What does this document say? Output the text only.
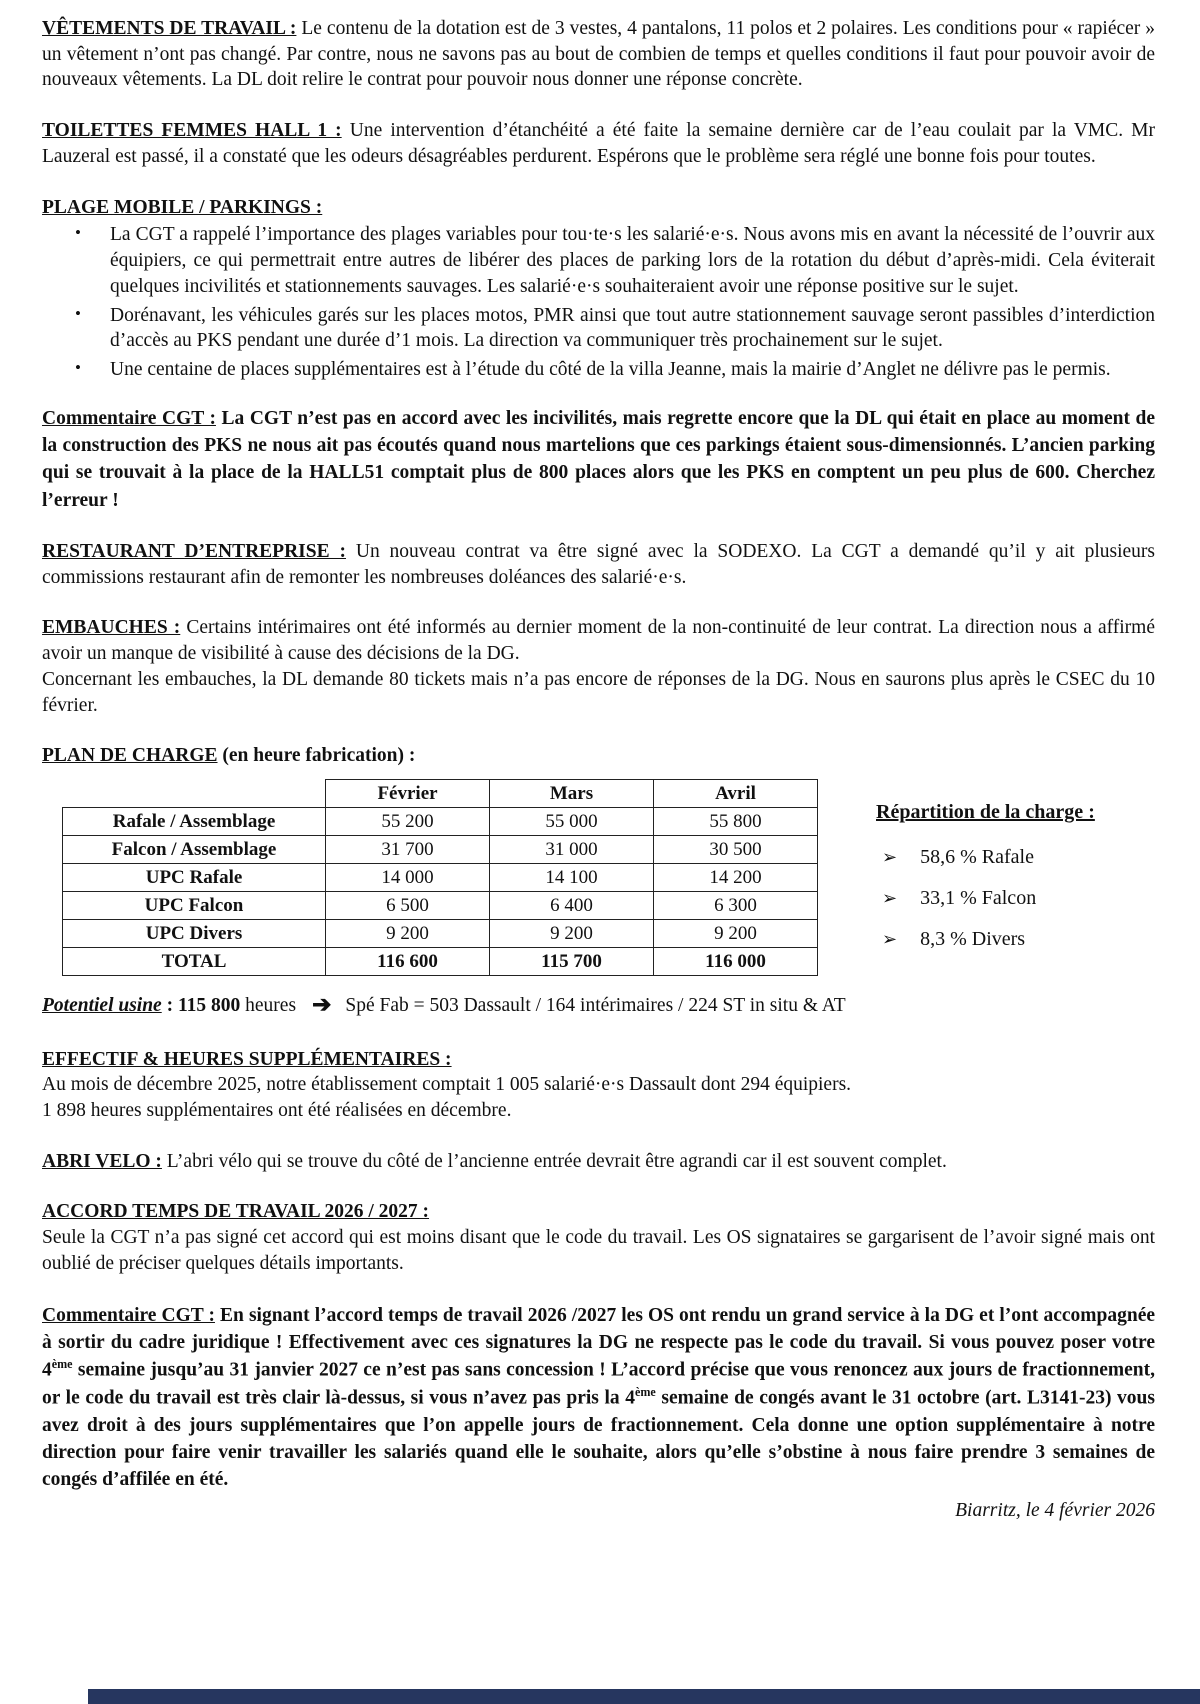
VÊTEMENTS DE TRAVAIL : Le contenu de la dotation est de 3 vestes, 4 pantalons, 11 polos et 2 polaires. Les conditions pour « rapiécer » un vêtement n’ont pas changé. Par contre, nous ne savons pas au bout de combien de temps et quelles conditions il faut pour pouvoir avoir de nouveaux vêtements. La DL doit relire le contrat pour pouvoir nous donner une réponse concrète.

TOILETTES FEMMES HALL 1 : Une intervention d’étanchéité a été faite la semaine dernière car de l’eau coulait par la VMC. Mr Lauzeral est passé, il a constaté que les odeurs désagréables perdurent. Espérons que le problème sera réglé une bonne fois pour toutes.

PLAGE MOBILE / PARKINGS :

• La CGT a rappelé l’importance des plages variables pour tou·te·s les salarié·e·s. Nous avons mis en avant la nécessité de l’ouvrir aux équipiers, ce qui permettrait entre autres de libérer des places de parking lors de la rotation du début d’après-midi. Cela éviterait quelques incivilités et stationnements sauvages. Les salarié·e·s souhaiteraient avoir une réponse positive sur le sujet.
• Dorénavant, les véhicules garés sur les places motos, PMR ainsi que tout autre stationnement sauvage seront passibles d’interdiction d’accès au PKS pendant une durée d’1 mois. La direction va communiquer très prochainement sur le sujet.
• Une centaine de places supplémentaires est à l’étude du côté de la villa Jeanne, mais la mairie d’Anglet ne délivre pas le permis.

Commentaire CGT : La CGT n’est pas en accord avec les incivilités, mais regrette encore que la DL qui était en place au moment de la construction des PKS ne nous ait pas écoutés quand nous martelions que ces parkings étaient sous-dimensionnés. L’ancien parking qui se trouvait à la place de la HALL51 comptait plus de 800 places alors que les PKS en comptent un peu plus de 600. Cherchez l’erreur !

RESTAURANT D’ENTREPRISE : Un nouveau contrat va être signé avec la SODEXO. La CGT a demandé qu’il y ait plusieurs commissions restaurant afin de remonter les nombreuses doléances des salarié·e·s.

EMBAUCHES : Certains intérimaires ont été informés au dernier moment de la non-continuité de leur contrat. La direction nous a affirmé avoir un manque de visibilité à cause des décisions de la DG.

Concernant les embauches, la DL demande 80 tickets mais n’a pas encore de réponses de la DG. Nous en saurons plus après le CSEC du 10 février.

PLAN DE CHARGE (en heure fabrication) :

	Février	Mars	Avril
Rafale / Assemblage	55 200	55 000	55 800
Falcon / Assemblage	31 700	31 000	30 500
UPC Rafale	14 000	14 100	14 200
UPC Falcon	6 500	6 400	6 300
UPC Divers	9 200	9 200	9 200
TOTAL	116 600	115 700	116 000
Répartition de la charge :
➢ 58,6 % Rafale
➢ 33,1 % Falcon
➢ 8,3 % Divers

Potentiel usine : 115 800 heures ➔ Spé Fab = 503 Dassault / 164 intérimaires / 224 ST in situ & AT

EFFECTIF & HEURES SUPPLÉMENTAIRES :

Au mois de décembre 2025, notre établissement comptait 1 005 salarié·e·s Dassault dont 294 équipiers.

1 898 heures supplémentaires ont été réalisées en décembre.

ABRI VELO : L’abri vélo qui se trouve du côté de l’ancienne entrée devrait être agrandi car il est souvent complet.

ACCORD TEMPS DE TRAVAIL 2026 / 2027 :

Seule la CGT n’a pas signé cet accord qui est moins disant que le code du travail. Les OS signataires se gargarisent de l’avoir signé mais ont oublié de préciser quelques détails importants.

Commentaire CGT : En signant l’accord temps de travail 2026 /2027 les OS ont rendu un grand service à la DG et l’ont accompagnée à sortir du cadre juridique ! Effectivement avec ces signatures la DG ne respecte pas le code du travail. Si vous pouvez poser votre 4ème semaine jusqu’au 31 janvier 2027 ce n’est pas sans concession ! L’accord précise que vous renoncez aux jours de fractionnement, or le code du travail est très clair là-dessus, si vous n’avez pas pris la 4ème semaine de congés avant le 31 octobre (art. L3141-23) vous avez droit à des jours supplémentaires que l’on appelle jours de fractionnement. Cela donne une option supplémentaire à notre direction pour faire venir travailler les salariés quand elle le souhaite, alors qu’elle s’obstine à nous faire prendre 3 semaines de congés d’affilée en été.

Biarritz, le 4 février 2026
